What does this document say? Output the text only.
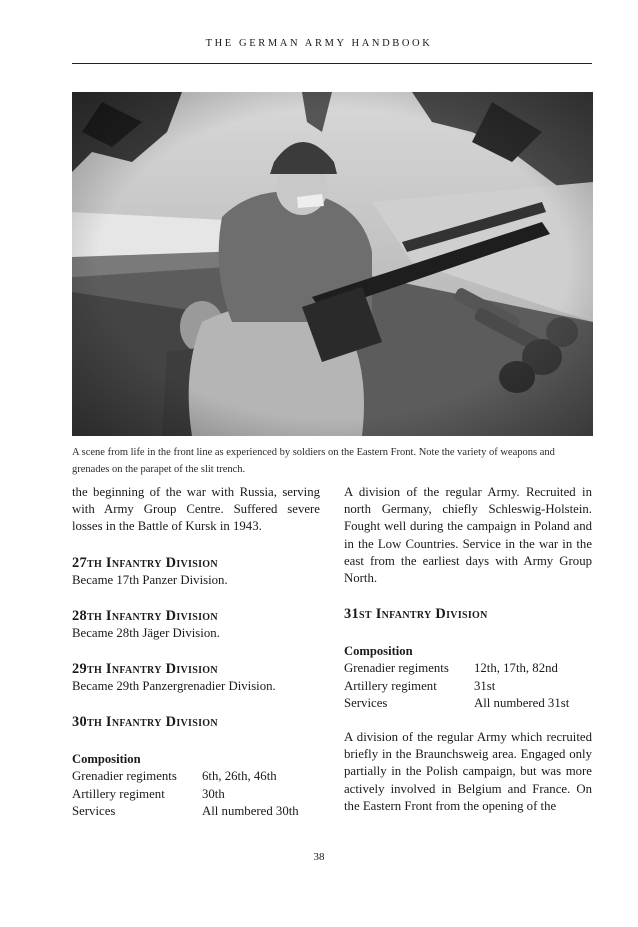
THE GERMAN ARMY HANDBOOK
A scene from life in the front line as experienced by soldiers on the Eastern Front. Note the variety of weapons and grenades on the parapet of the slit trench.

the beginning of the war with Russia, serving with Army Group Centre. Suffered severe losses in the Battle of Kursk in 1943.

27th Infantry Division

Became 17th Panzer Division.

28th Infantry Division

Became 28th Jäger Division.

29th Infantry Division

Became 29th Panzergrenadier Division.

30th Infantry Division

Composition

Grenadier regiments	6th, 26th, 46th
Artillery regiment	30th
Services	All numbered 30th

A division of the regular Army. Recruited in north Germany, chiefly Schleswig-Holstein. Fought well during the campaign in Poland and in the Low Countries. Service in the war in the east from the earliest days with Army Group North.

31st Infantry Division

Composition

Grenadier regiments	12th, 17th, 82nd
Artillery regiment	31st
Services	All numbered 31st

A division of the regular Army which recruited briefly in the Braunchsweig area. Engaged only partially in the Polish campaign, but was more actively involved in Belgium and France. On the Eastern Front from the opening of the

38
